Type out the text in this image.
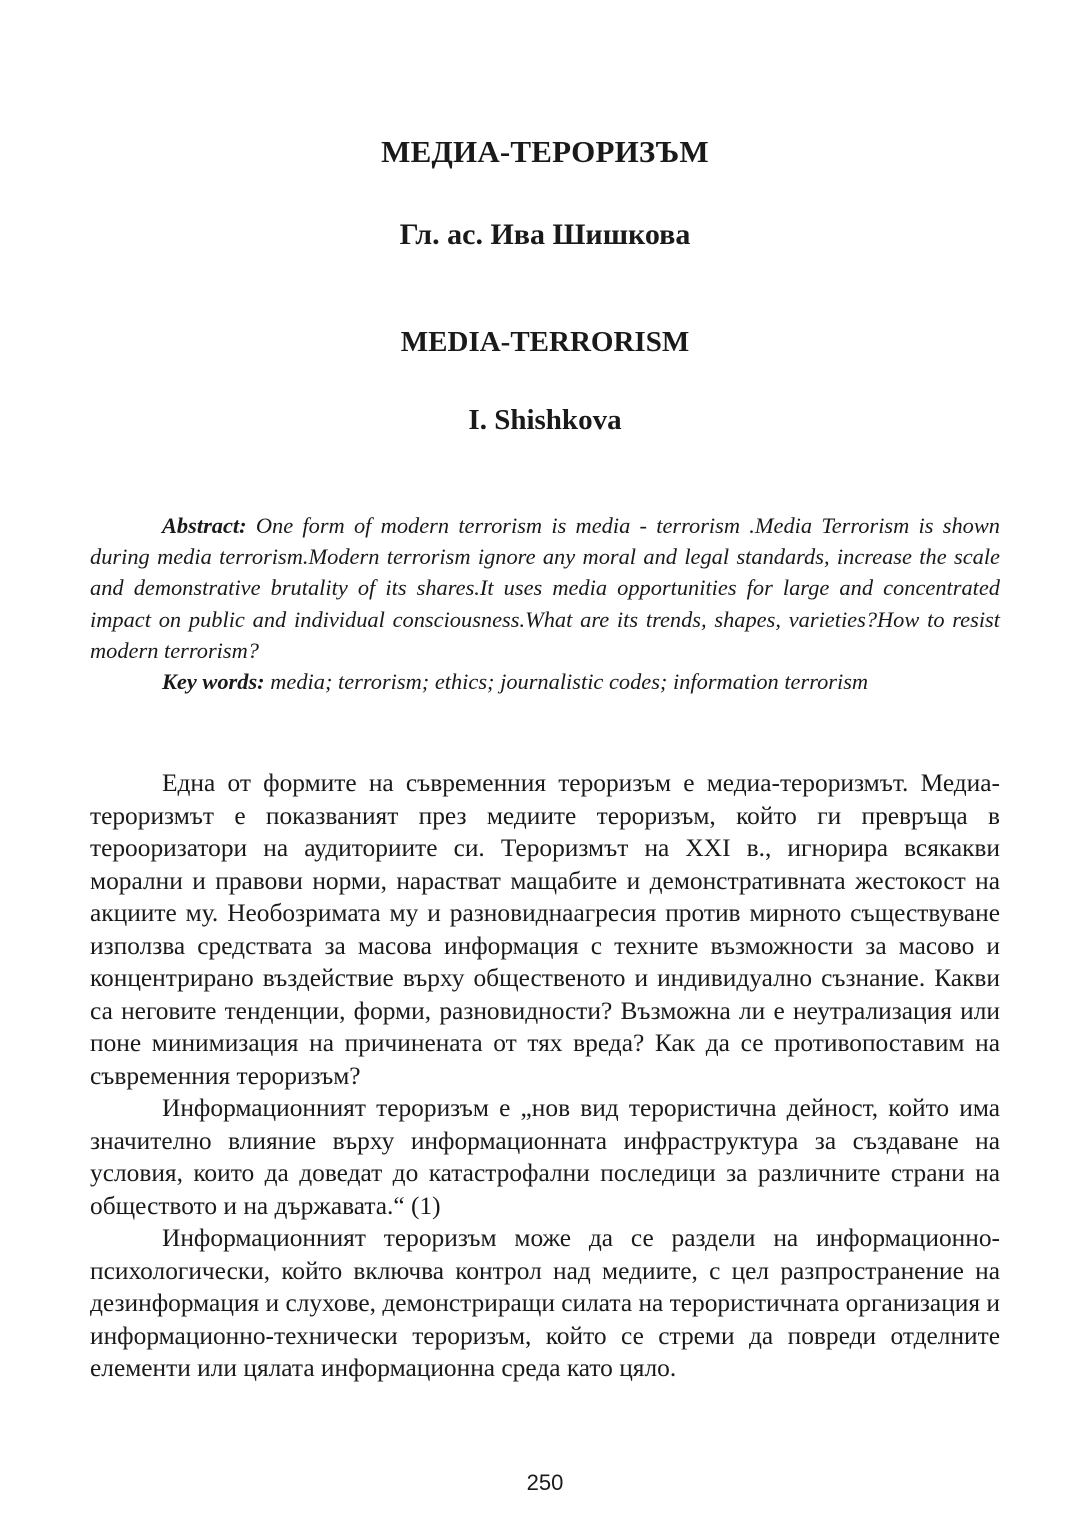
МЕДИА-ТЕРОРИЗЪМ
Гл. ас. Ива Шишкова
MEDIA-TERRORISM
I. Shishkova

Abstract: One form of modern terrorism is media - terrorism .Media Terrorism is shown during media terrorism.Modern terrorism ignore any moral and legal standards, increase the scale and demonstrative brutality of its shares.It uses media opportunities for large and concentrated impact on public and individual consciousness.What are its trends, shapes, varieties?How to resist modern terrorism?

Key words: media; terrorism; ethics; journalistic codes; information terrorism

Една от формите на съвременния тероризъм е медиа-тероризмът. Медиа-тероризмът е показваният през медиите тероризъм, който ги превръща в терооризатори на аудиториите си. Тероризмът на XXI в., игнорира всякакви морални и правови норми, нарастват мащабите и демонстративната жестокост на акциите му. Необозримата му и разновиднаагресия против мирното съществуване използва средствата за масова информация с техните възможности за масово и концентрирано въздействие върху общественото и индивидуално съзнание. Какви са неговите тенденции, форми, разновидности? Възможна ли е неутрализация или поне минимизация на причинената от тях вреда? Как да се противопоставим на съвременния тероризъм?

Информационният тероризъм е „нов вид терористична дейност, който има значително влияние върху информационната инфраструктура за създаване на условия, които да доведат до катастрофални последици за различните страни на обществото и на държавата.“ (1)

Информационният тероризъм може да се раздели на информационно-психологически, който включва контрол над медиите, с цел разпространение на дезинформация и слухове, демонстриращи силата на терористичната организация и информационно-технически тероризъм, който се стреми да повреди отделните елементи или цялата информационна среда като цяло.

250
